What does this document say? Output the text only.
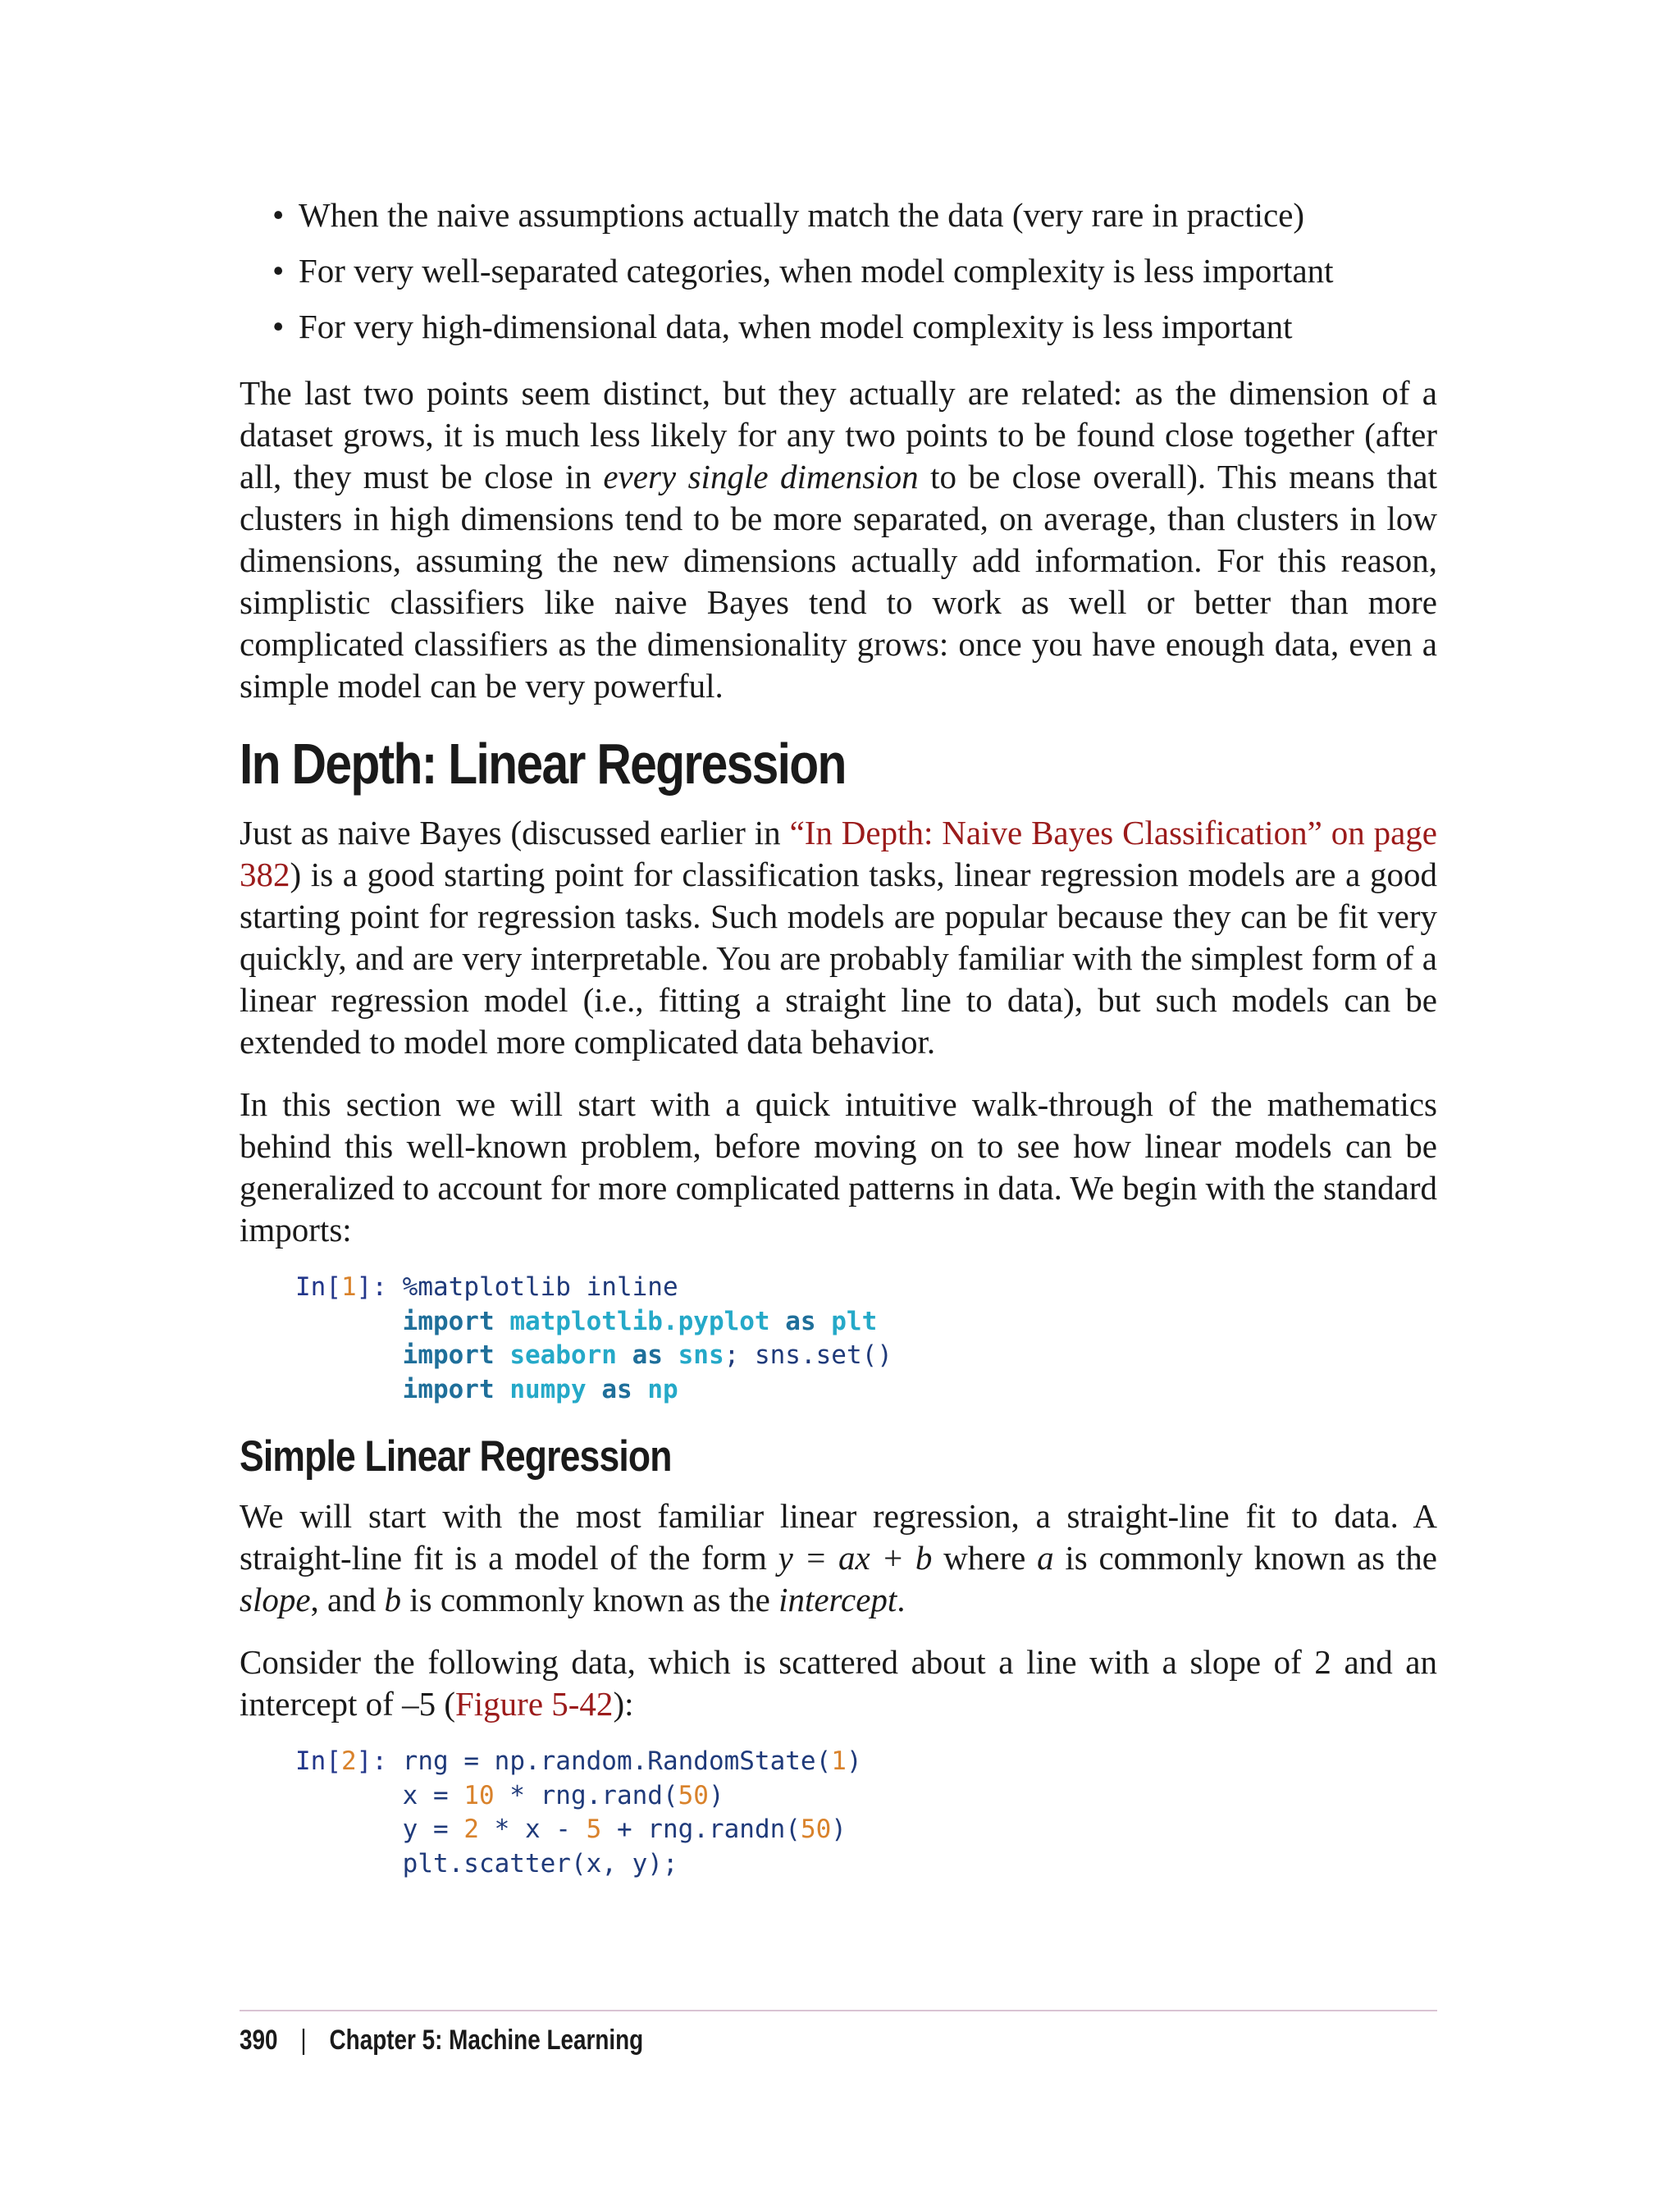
• When the naive assumptions actually match the data (very rare in practice)
• For very well-separated categories, when model complexity is less important
• For very high-dimensional data, when model complexity is less important

The last two points seem distinct, but they actually are related: as the dimension of a dataset grows, it is much less likely for any two points to be found close together (after all, they must be close in every single dimension to be close overall). This means that clusters in high dimensions tend to be more separated, on average, than clusters in low dimensions, assuming the new dimensions actually add information. For this reason, simplistic classifiers like naive Bayes tend to work as well or better than more complicated classifiers as the dimensionality grows: once you have enough data, even a simple model can be very powerful.

In Depth: Linear Regression

Just as naive Bayes (discussed earlier in “In Depth: Naive Bayes Classification” on page 382) is a good starting point for classification tasks, linear regression models are a good starting point for regression tasks. Such models are popular because they can be fit very quickly, and are very interpretable. You are probably familiar with the simplest form of a linear regression model (i.e., fitting a straight line to data), but such models can be extended to model more complicated data behavior.

In this section we will start with a quick intuitive walk-through of the mathematics behind this well-known problem, before moving on to see how linear models can be generalized to account for more complicated patterns in data. We begin with the standard imports:

In[1]: %matplotlib inline
import matplotlib.pyplot as plt
import seaborn as sns; sns.set()
import numpy as np
Simple Linear Regression

We will start with the most familiar linear regression, a straight-line fit to data. A straight-line fit is a model of the form y = ax + b where a is commonly known as the slope, and b is commonly known as the intercept.

Consider the following data, which is scattered about a line with a slope of 2 and an intercept of –5 (Figure 5-42):

In[2]: rng = np.random.RandomState(1)
x = 10 * rng.rand(50)
y = 2 * x - 5 + rng.randn(50)
plt.scatter(x, y);
390 | Chapter 5: Machine Learning
